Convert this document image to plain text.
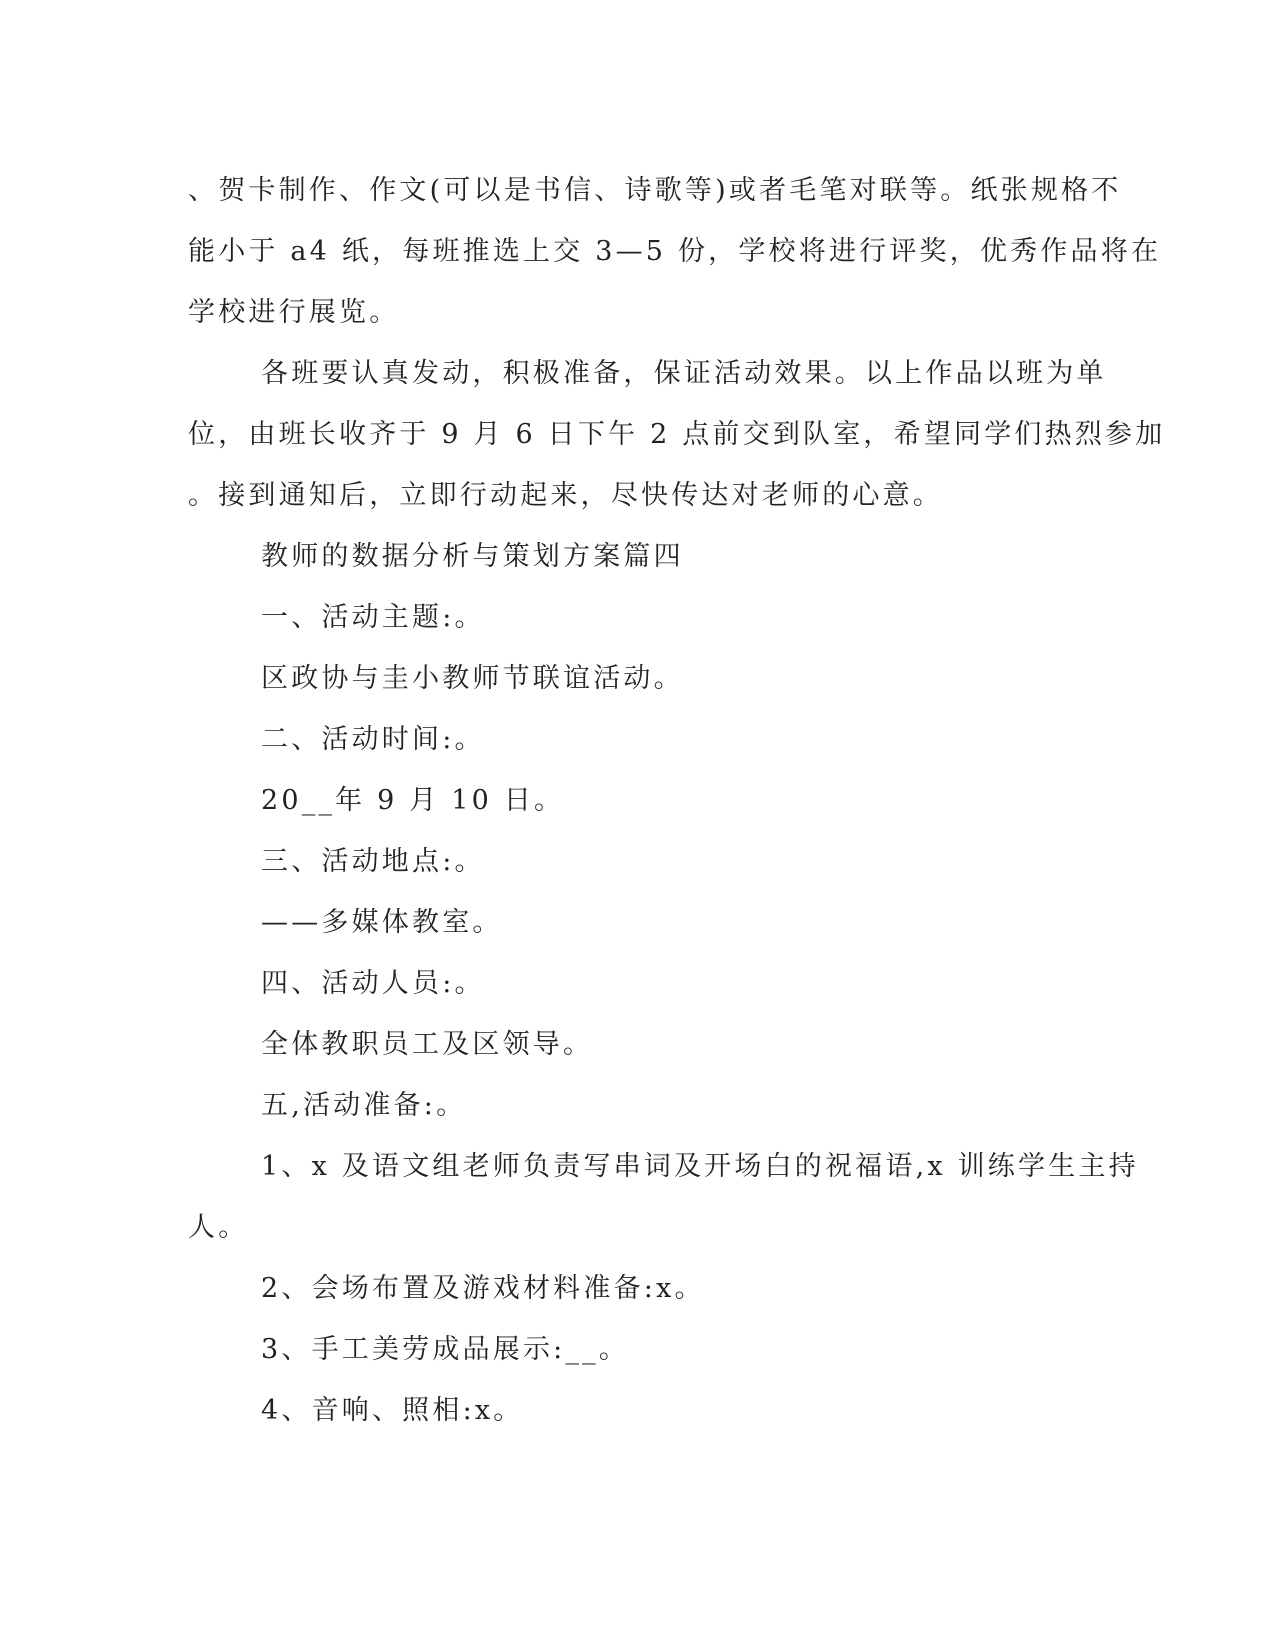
、贺卡制作、作文(可以是书信、诗歌等)或者毛笔对联等。纸张规格不
能小于 a4 纸，每班推选上交 3—5 份，学校将进行评奖，优秀作品将在
学校进行展览。
各班要认真发动，积极准备，保证活动效果。以上作品以班为单
位，由班长收齐于 9 月 6 日下午 2 点前交到队室，希望同学们热烈参加
。接到通知后，立即行动起来，尽快传达对老师的心意。
教师的数据分析与策划方案篇四
一、活动主题:。
区政协与圭小教师节联谊活动。
二、活动时间:。
20__年 9 月 10 日。
三、活动地点:。
——多媒体教室。
四、活动人员:。
全体教职员工及区领导。
五,活动准备:。
1、x 及语文组老师负责写串词及开场白的祝福语,x 训练学生主持
人。
2、会场布置及游戏材料准备:x。
3、手工美劳成品展示:__。
4、音响、照相:x。
